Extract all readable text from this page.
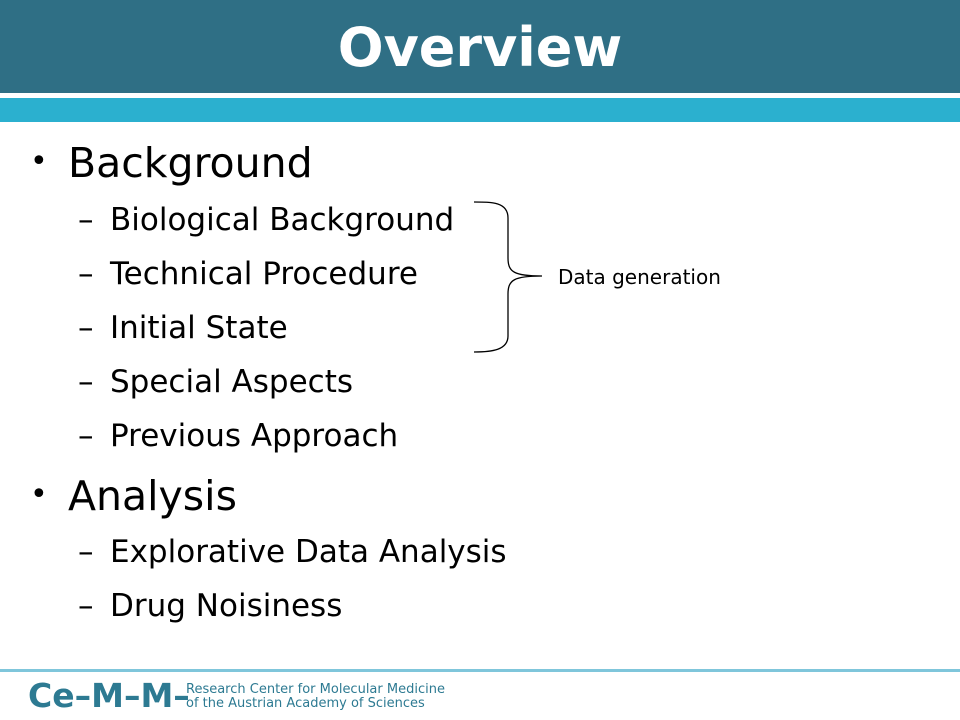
Overview
• Background
– Biological Background
– Technical Procedure
– Initial State
– Special Aspects
– Previous Approach
• Analysis
– Explorative Data Analysis
– Drug Noisiness
Data generation
Ce–M–M–
Research Center for Molecular Medicine
of the Austrian Academy of Sciences
